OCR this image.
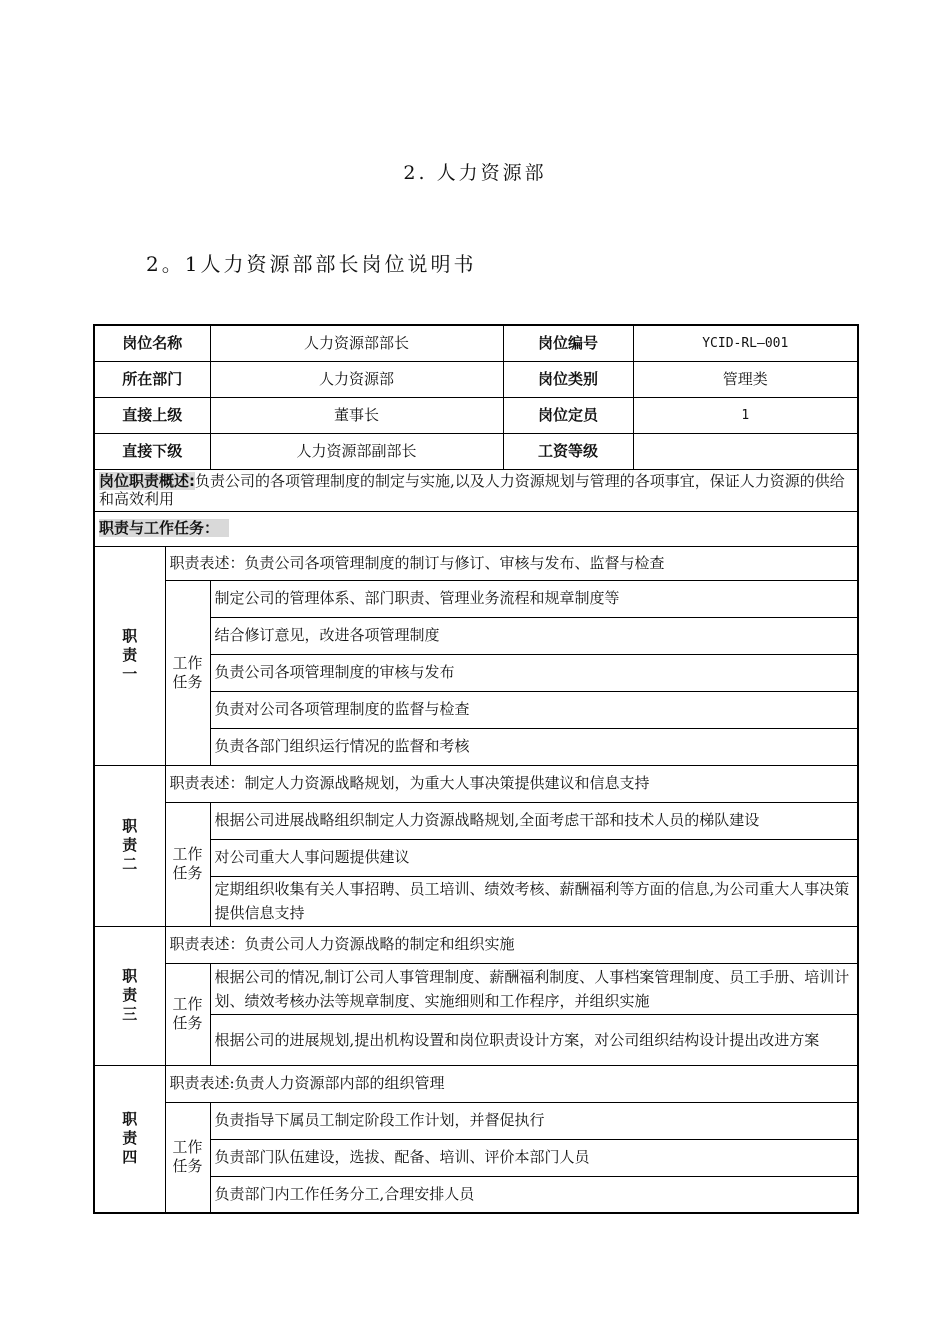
2. 人力资源部
2。1人力资源部部长岗位说明书
岗位名称		人力资源部部长	岗位编号	YCID-RL—001
所在部门		人力资源部	岗位类别	管理类
直接上级		董事长	岗位定员	1
直接下级		人力资源部副部长	工资等级	
岗位职责概述:负责公司的各项管理制度的制定与实施,以及人力资源规划与管理的各项事宜，保证人力资源的供给和高效利用				
职责与工作任务：				
职责一	职责表述：负责公司各项管理制度的制订与修订、审核与发布、监督与检查			
	工作任务	制定公司的管理体系、部门职责、管理业务流程和规章制度等		
		结合修订意见，改进各项管理制度		
		负责公司各项管理制度的审核与发布		
		负责对公司各项管理制度的监督与检查		
		负责各部门组织运行情况的监督和考核		
职责二	职责表述：制定人力资源战略规划，为重大人事决策提供建议和信息支持			
	工作任务	根据公司进展战略组织制定人力资源战略规划,全面考虑干部和技术人员的梯队建设		
		对公司重大人事问题提供建议		
		定期组织收集有关人事招聘、员工培训、绩效考核、薪酬福利等方面的信息,为公司重大人事决策提供信息支持		
职责三	职责表述：负责公司人力资源战略的制定和组织实施			
	工作任务	根据公司的情况,制订公司人事管理制度、薪酬福利制度、人事档案管理制度、员工手册、培训计划、绩效考核办法等规章制度、实施细则和工作程序，并组织实施		
		根据公司的进展规划,提出机构设置和岗位职责设计方案，对公司组织结构设计提出改进方案		
职责四	职责表述:负责人力资源部内部的组织管理			
	工作任务	负责指导下属员工制定阶段工作计划，并督促执行		
		负责部门队伍建设，选拔、配备、培训、评价本部门人员		
		负责部门内工作任务分工,合理安排人员		
